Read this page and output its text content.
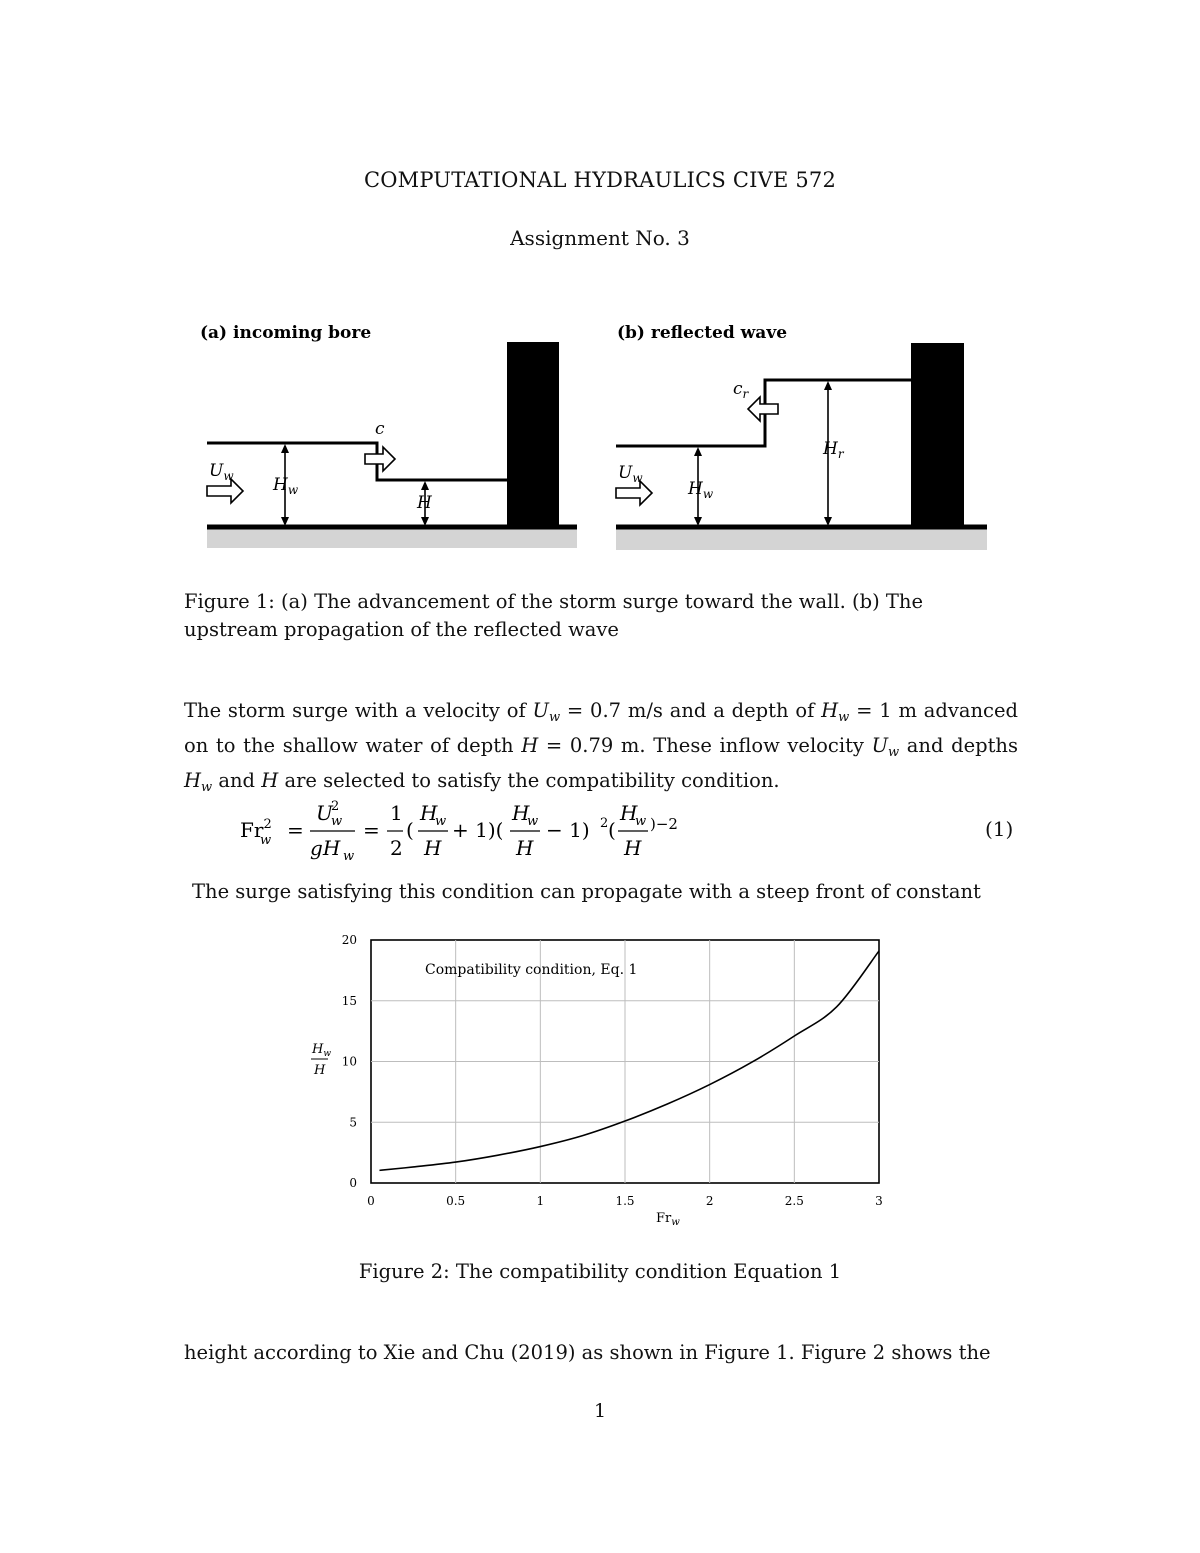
COMPUTATIONAL HYDRAULICS CIVE 572
Assignment No. 3
(a) incoming bore
$U_w$ $H_w$
c
H
(b) reflected wave
$U_w$
$H_w$
$c_r$
$H_r$
Figure 1: (a) The advancement of the storm surge toward the wall. (b) The upstream propagation of the reflected wave
The storm surge with a velocity of $U_w = 0.7$ m/s and a depth of $H_w = 1$ m advanced on to the shallow water of depth H = 0.79 m. These inflow velocity $U_w$ and depths $H_w$ and H are selected to satisfy the compatibility condition.
Fr$^2$
w =
U
2
w
gH w
=
1
2
(
H
w
H
+ 1)(
H
w
H
− 1) 2 (
H
w
H
)−2	(1)
The surge satisfying this condition can propagate with a steep front of constant
0	0.5	1	1.5	2	2.5	3
0
5
10
15
20
Compatibility condition, Eq. 1
$Fr_w$
$H_w$
H
Figure 2: The compatibility condition Equation 1
height according to Xie and Chu (2019) as shown in Figure 1. Figure 2 shows the
1
